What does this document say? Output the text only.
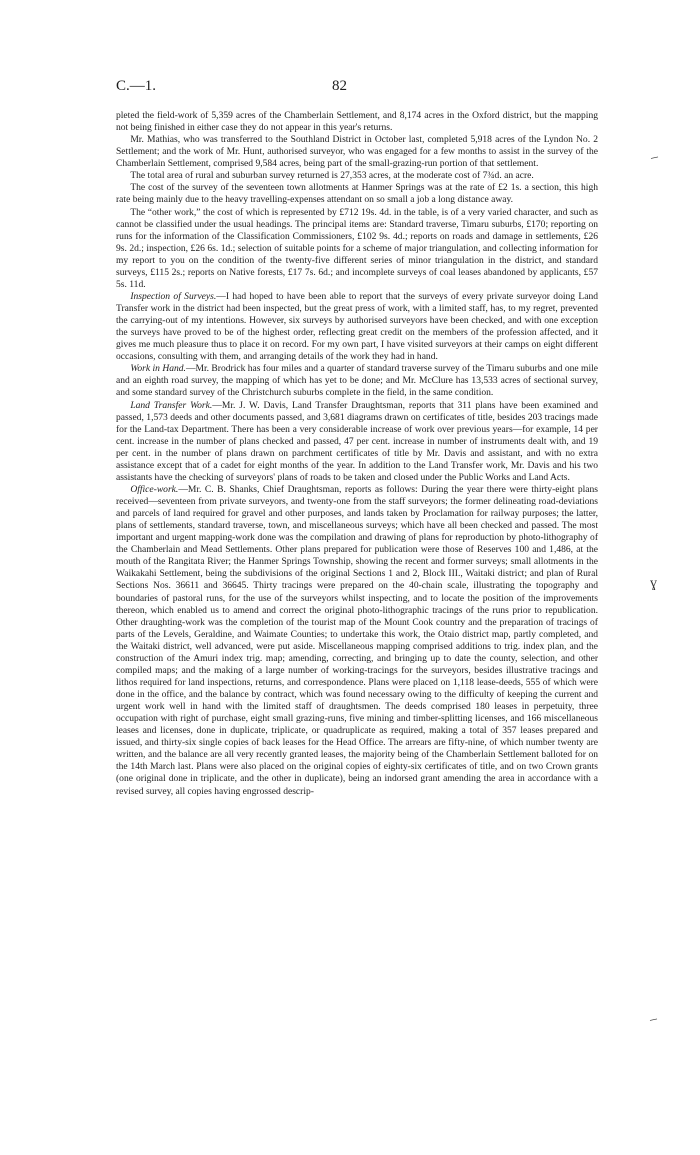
C.—1.	82

pleted the field-work of 5,359 acres of the Chamberlain Settlement, and 8,174 acres in the Oxford district, but the mapping not being finished in either case they do not appear in this year's returns.

Mr. Mathias, who was transferred to the Southland District in October last, completed 5,918 acres of the Lyndon No. 2 Settlement; and the work of Mr. Hunt, authorised surveyor, who was engaged for a few months to assist in the survey of the Chamberlain Settlement, comprised 9,584 acres, being part of the small-grazing-run portion of that settlement.

The total area of rural and suburban survey returned is 27,353 acres, at the moderate cost of 7¾d. an acre.

The cost of the survey of the seventeen town allotments at Hanmer Springs was at the rate of £2 1s. a section, this high rate being mainly due to the heavy travelling-expenses attendant on so small a job a long distance away.

The “other work,” the cost of which is represented by £712 19s. 4d. in the table, is of a very varied character, and such as cannot be classified under the usual headings. The principal items are: Standard traverse, Timaru suburbs, £170; reporting on runs for the information of the Classification Commissioners, £102 9s. 4d.; reports on roads and damage in settlements, £26 9s. 2d.; inspection, £26 6s. 1d.; selection of suitable points for a scheme of major triangulation, and collecting information for my report to you on the condition of the twenty-five different series of minor triangulation in the district, and standard surveys, £115 2s.; reports on Native forests, £17 7s. 6d.; and incomplete surveys of coal leases abandoned by applicants, £57 5s. 11d.

Inspection of Surveys.—I had hoped to have been able to report that the surveys of every private surveyor doing Land Transfer work in the district had been inspected, but the great press of work, with a limited staff, has, to my regret, prevented the carrying-out of my intentions. However, six surveys by authorised surveyors have been checked, and with one exception the surveys have proved to be of the highest order, reflecting great credit on the members of the profession affected, and it gives me much pleasure thus to place it on record. For my own part, I have visited surveyors at their camps on eight different occasions, consulting with them, and arranging details of the work they had in hand.

Work in Hand.—Mr. Brodrick has four miles and a quarter of standard traverse survey of the Timaru suburbs and one mile and an eighth road survey, the mapping of which has yet to be done; and Mr. McClure has 13,533 acres of sectional survey, and some standard survey of the Christchurch suburbs complete in the field, in the same condition.

Land Transfer Work.—Mr. J. W. Davis, Land Transfer Draughtsman, reports that 311 plans have been examined and passed, 1,573 deeds and other documents passed, and 3,681 diagrams drawn on certificates of title, besides 203 tracings made for the Land-tax Department. There has been a very considerable increase of work over previous years—for example, 14 per cent. increase in the number of plans checked and passed, 47 per cent. increase in number of instruments dealt with, and 19 per cent. in the number of plans drawn on parchment certificates of title by Mr. Davis and assistant, and with no extra assistance except that of a cadet for eight months of the year. In addition to the Land Transfer work, Mr. Davis and his two assistants have the checking of surveyors' plans of roads to be taken and closed under the Public Works and Land Acts.

Office-work.—Mr. C. B. Shanks, Chief Draughtsman, reports as follows: During the year there were thirty-eight plans received—seventeen from private surveyors, and twenty-one from the staff surveyors; the former delineating road-deviations and parcels of land required for gravel and other purposes, and lands taken by Proclamation for railway purposes; the latter, plans of settlements, standard traverse, town, and miscellaneous surveys; which have all been checked and passed. The most important and urgent mapping-work done was the compilation and drawing of plans for reproduction by photo-lithography of the Chamberlain and Mead Settlements. Other plans prepared for publication were those of Reserves 100 and 1,486, at the mouth of the Rangitata River; the Hanmer Springs Township, showing the recent and former surveys; small allotments in the Waikakahi Settlement, being the subdivisions of the original Sections 1 and 2, Block III., Waitaki district; and plan of Rural Sections Nos. 36611 and 36645. Thirty tracings were prepared on the 40-chain scale, illustrating the topography and boundaries of pastoral runs, for the use of the surveyors whilst inspecting, and to locate the position of the improvements thereon, which enabled us to amend and correct the original photo-lithographic tracings of the runs prior to republication. Other draughting-work was the completion of the tourist map of the Mount Cook country and the preparation of tracings of parts of the Levels, Geraldine, and Waimate Counties; to undertake this work, the Otaio district map, partly completed, and the Waitaki district, well advanced, were put aside. Miscellaneous mapping comprised additions to trig. index plan, and the construction of the Amuri index trig. map; amending, correcting, and bringing up to date the county, selection, and other compiled maps; and the making of a large number of working-tracings for the surveyors, besides illustrative tracings and lithos required for land inspections, returns, and correspondence. Plans were placed on 1,118 lease-deeds, 555 of which were done in the office, and the balance by contract, which was found necessary owing to the difficulty of keeping the current and urgent work well in hand with the limited staff of draughtsmen. The deeds comprised 180 leases in perpetuity, three occupation with right of purchase, eight small grazing-runs, five mining and timber-splitting licenses, and 166 miscellaneous leases and licenses, done in duplicate, triplicate, or quadruplicate as required, making a total of 357 leases prepared and issued, and thirty-six single copies of back leases for the Head Office. The arrears are fifty-nine, of which number twenty are written, and the balance are all very recently granted leases, the majority being of the Chamberlain Settlement balloted for on the 14th March last. Plans were also placed on the original copies of eighty-six certificates of title, and on two Crown grants (one original done in triplicate, and the other in duplicate), being an indorsed grant amending the area in accordance with a revised survey, all copies having engrossed descrip-

–
ɣ
–
